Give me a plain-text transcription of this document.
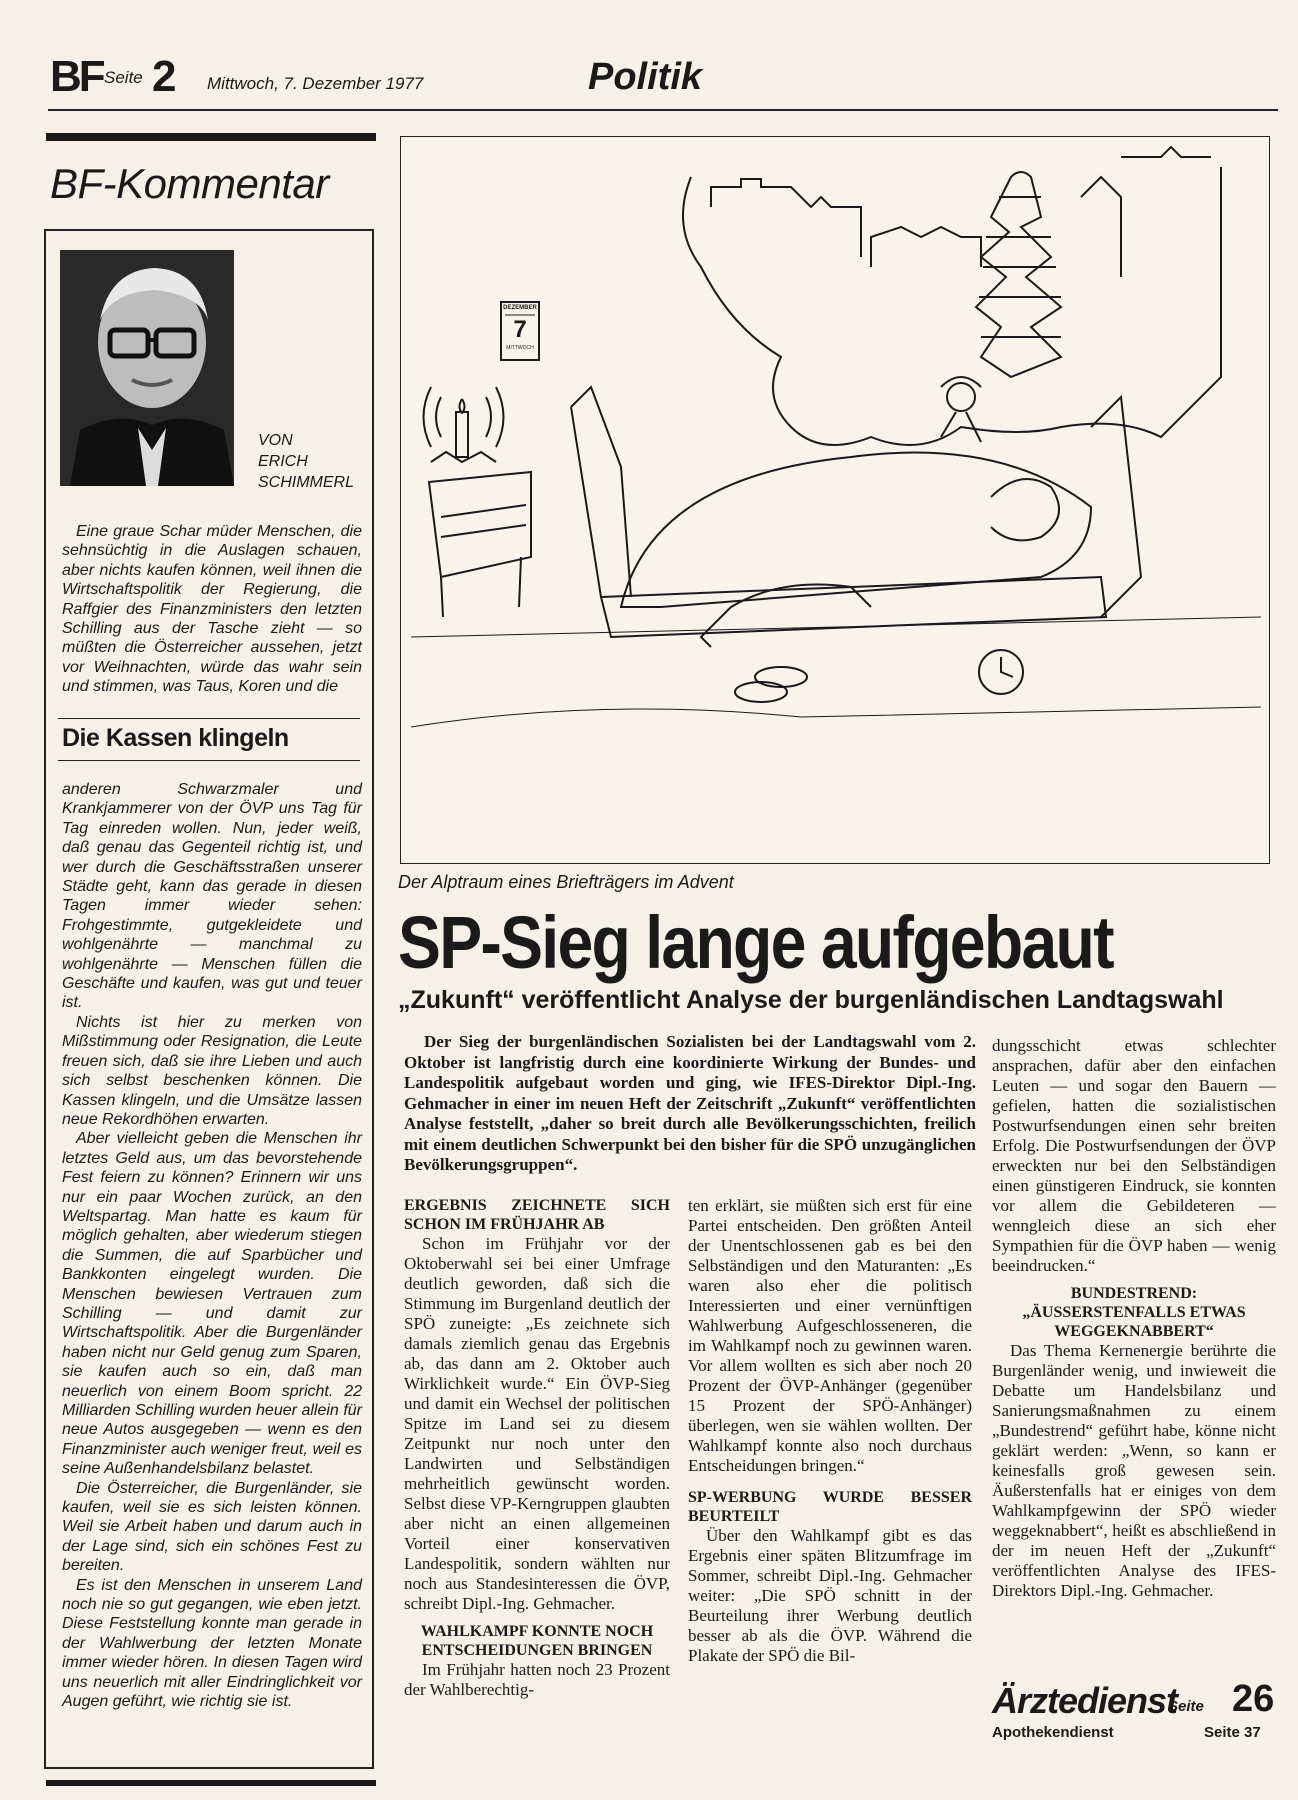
BF Seite 2 Mittwoch, 7. Dezember 1977	Politik
BF-Kommentar
VON
ERICH
SCHIMMERL

Eine graue Schar müder Menschen, die sehnsüchtig in die Auslagen schauen, aber nichts kaufen können, weil ihnen die Wirtschaftspolitik der Regierung, die Raffgier des Finanzministers den letzten Schilling aus der Tasche zieht — so müßten die Österreicher aussehen, jetzt vor Weihnachten, würde das wahr sein und stimmen, was Taus, Koren und die

Die Kassen klingeln

anderen Schwarzmaler und Krankjammerer von der ÖVP uns Tag für Tag einreden wollen. Nun, jeder weiß, daß genau das Gegenteil richtig ist, und wer durch die Geschäftsstraßen unserer Städte geht, kann das gerade in diesen Tagen immer wieder sehen: Frohgestimmte, gutgekleidete und wohlgenährte — manchmal zu wohlgenährte — Menschen füllen die Geschäfte und kaufen, was gut und teuer ist.

Nichts ist hier zu merken von Mißstimmung oder Resignation, die Leute freuen sich, daß sie ihre Lieben und auch sich selbst beschenken können. Die Kassen klingeln, und die Umsätze lassen neue Rekordhöhen erwarten.

Aber vielleicht geben die Menschen ihr letztes Geld aus, um das bevorstehende Fest feiern zu können? Erinnern wir uns nur ein paar Wochen zurück, an den Weltspartag. Man hatte es kaum für möglich gehalten, aber wiederum stiegen die Summen, die auf Sparbücher und Bankkonten eingelegt wurden. Die Menschen bewiesen Vertrauen zum Schilling — und damit zur Wirtschaftspolitik. Aber die Burgenländer haben nicht nur Geld genug zum Sparen, sie kaufen auch so ein, daß man neuerlich von einem Boom spricht. 22 Milliarden Schilling wurden heuer allein für neue Autos ausgegeben — wenn es den Finanzminister auch weniger freut, weil es seine Außenhandelsbilanz belastet.

Die Österreicher, die Burgenländer, sie kaufen, weil sie es sich leisten können. Weil sie Arbeit haben und darum auch in der Lage sind, sich ein schönes Fest zu bereiten.

Es ist den Menschen in unserem Land noch nie so gut gegangen, wie eben jetzt. Diese Feststellung konnte man gerade in der Wahlwerbung der letzten Monate immer wieder hören. In diesen Tagen wird uns neuerlich mit aller Eindringlichkeit vor Augen geführt, wie richtig sie ist.

DEZEMBER
7
MITTWOCH
Der Alptraum eines Briefträgers im Advent
SP-Sieg lange aufgebaut
„Zukunft“ veröffentlicht Analyse der burgenländischen Landtagswahl

Der Sieg der burgenländischen Sozialisten bei der Landtagswahl vom 2. Oktober ist langfristig durch eine koordinierte Wirkung der Bundes- und Landespolitik aufgebaut worden und ging, wie IFES-Direktor Dipl.-Ing. Gehmacher in einer im neuen Heft der Zeitschrift „Zukunft“ veröffentlichten Analyse feststellt, „daher so breit durch alle Bevölkerungsschichten, freilich mit einem deutlichen Schwerpunkt bei den bisher für die SPÖ unzugänglichen Bevölkerungsgruppen“.

ERGEBNIS ZEICHNETE SICH SCHON IM FRÜHJAHR AB

Schon im Frühjahr vor der Oktoberwahl sei bei einer Umfrage deutlich geworden, daß sich die Stimmung im Burgenland deutlich der SPÖ zuneigte: „Es zeichnete sich damals ziemlich genau das Ergebnis ab, das dann am 2. Oktober auch Wirklichkeit wurde.“ Ein ÖVP-Sieg und damit ein Wechsel der politischen Spitze im Land sei zu diesem Zeitpunkt nur noch unter den Landwirten und Selbständigen mehrheitlich gewünscht worden. Selbst diese VP-Kerngruppen glaubten aber nicht an einen allgemeinen Vorteil einer konservativen Landespolitik, sondern wählten nur noch aus Standesinteressen die ÖVP, schreibt Dipl.-Ing. Gehmacher.

WAHLKAMPF KONNTE NOCH ENTSCHEIDUNGEN BRINGEN

Im Frühjahr hatten noch 23 Prozent der Wahlberechtig-

ten erklärt, sie müßten sich erst für eine Partei entscheiden. Den größten Anteil der Unentschlossenen gab es bei den Selbständigen und den Maturanten: „Es waren also eher die politisch Interessierten und einer vernünftigen Wahlwerbung Aufgeschlosseneren, die im Wahlkampf noch zu gewinnen waren. Vor allem wollten es sich aber noch 20 Prozent der ÖVP-Anhänger (gegenüber 15 Prozent der SPÖ-Anhänger) überlegen, wen sie wählen wollten. Der Wahlkampf konnte also noch durchaus Entscheidungen bringen.“

SP-WERBUNG WURDE BESSER BEURTEILT

Über den Wahlkampf gibt es das Ergebnis einer späten Blitzumfrage im Sommer, schreibt Dipl.-Ing. Gehmacher weiter: „Die SPÖ schnitt in der Beurteilung ihrer Werbung deutlich besser ab als die ÖVP. Während die Plakate der SPÖ die Bil-

dungsschicht etwas schlechter ansprachen, dafür aber den einfachen Leuten — und sogar den Bauern — gefielen, hatten die sozialistischen Postwurfsendungen einen sehr breiten Erfolg. Die Postwurfsendungen der ÖVP erweckten nur bei den Selbständigen einen günstigeren Eindruck, sie konnten vor allem die Gebildeteren — wenngleich diese an sich eher Sympathien für die ÖVP haben — wenig beeindrucken.“

BUNDESTREND: „ÄUSSERSTENFALLS ETWAS WEGGEKNABBERT“

Das Thema Kernenergie berührte die Burgenländer wenig, und inwieweit die Debatte um Handelsbilanz und Sanierungsmaßnahmen zu einem „Bundestrend“ geführt habe, könne nicht geklärt werden: „Wenn, so kann er keinesfalls groß gewesen sein. Äußerstenfalls hat er einiges von dem Wahlkampfgewinn der SPÖ wieder weggeknabbert“, heißt es abschließend in der im neuen Heft der „Zukunft“ veröffentlichten Analyse des IFES-Direktors Dipl.-Ing. Gehmacher.

Ärztedienst
Seite 26
Apothekendienst	Seite 37
